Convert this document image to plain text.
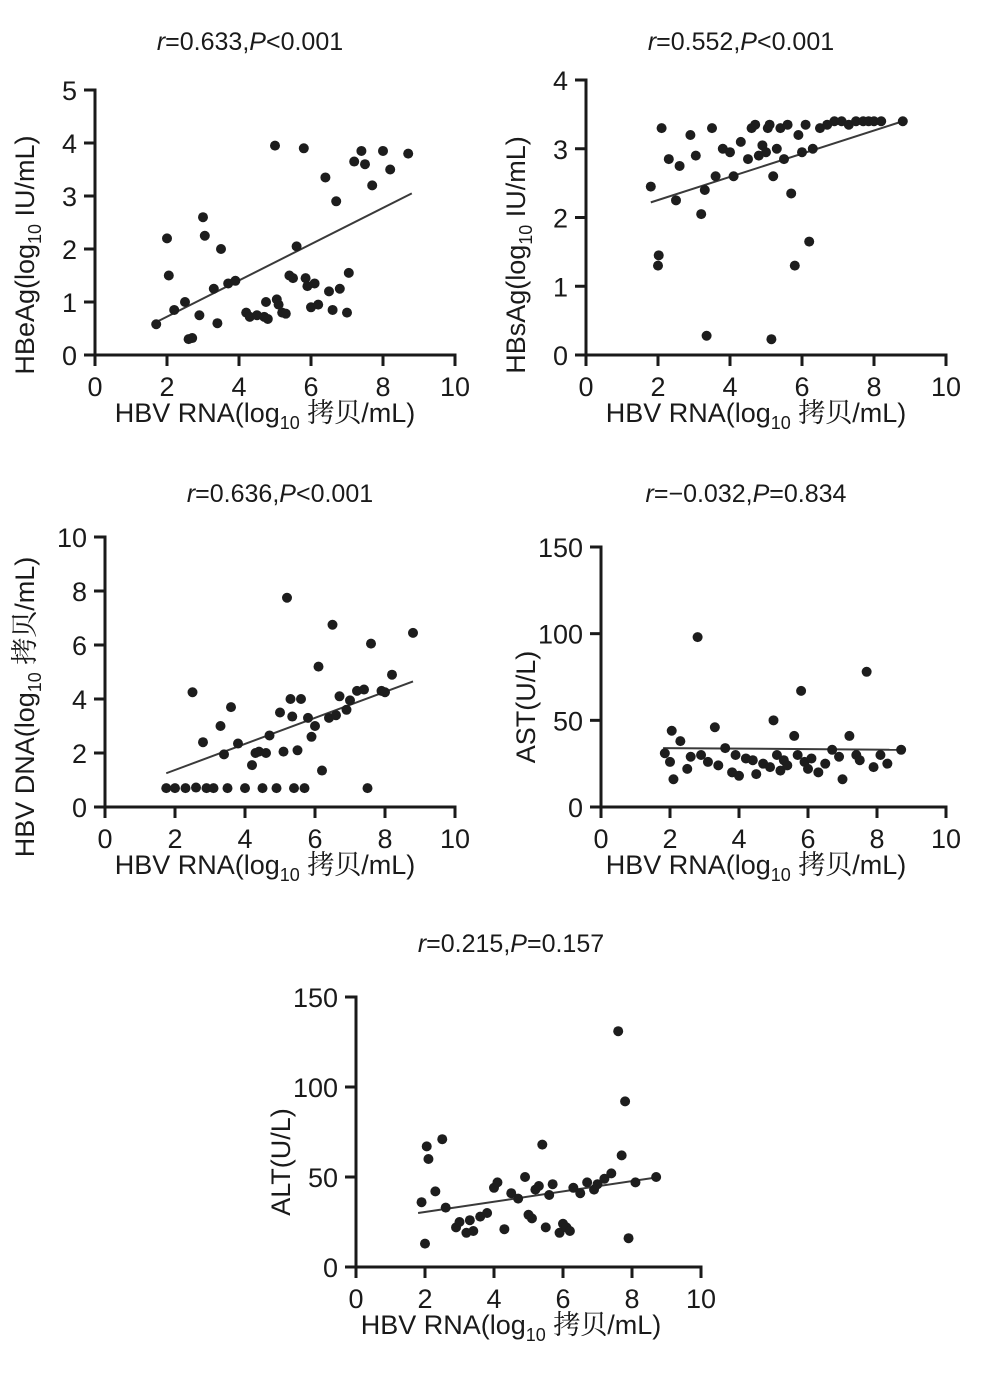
r=0.633,P<0.001
0 2 4 6 8 10
0
1
2
3
4
5
$HBeAg(\log_{10}$ IU/mL)
HBV $RNA(\log_{10}$ 拷贝/mL)
r=0.552,P<0.001
0 2 4 6 8 10
0
1
2
3
4
$HBsAg(\log_{10}$ IU/mL)
HBV $RNA(\log_{10}$ 拷贝/mL)
r=0.636,P<0.001
0 2 4 6 8 10
0
2
4
6
8
10
HBV $DNA(\log_{10}$ 拷贝/mL)
HBV $RNA(\log_{10}$ 拷贝/mL)
r=−0.032,P=0.834
0 2 4 6 8 10
0
50
100
150
AST(U/L)
HBV $RNA(\log_{10}$ 拷贝/mL)
r=0.215,P=0.157
0 2 4 6 8 10
0
50
100
150
ALT(U/L)
HBV $RNA(\log_{10}$ 拷贝/mL)
